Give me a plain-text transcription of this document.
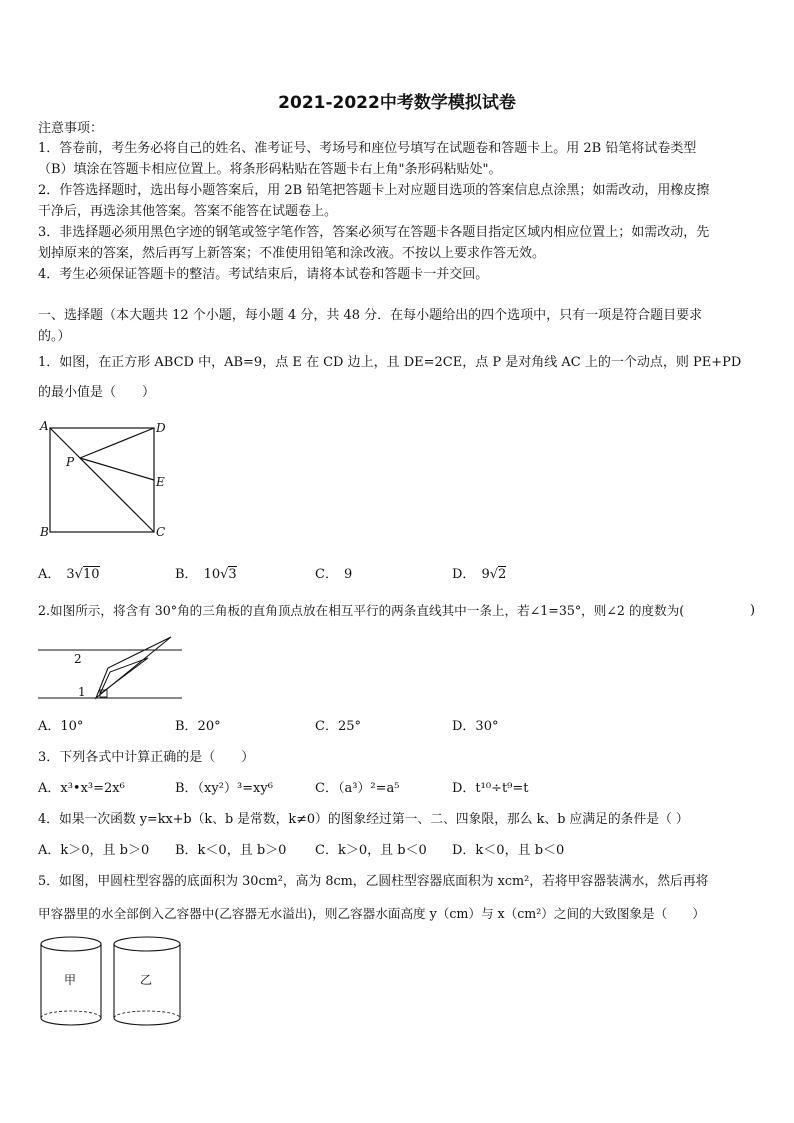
2021-2022中考数学模拟试卷
注意事项：
1．答卷前，考生务必将自己的姓名、准考证号、考场号和座位号填写在试题卷和答题卡上。用 2B 铅笔将试卷类型
（B）填涂在答题卡相应位置上。将条形码粘贴在答题卡右上角"条形码粘贴处"。
2．作答选择题时，选出每小题答案后，用 2B 铅笔把答题卡上对应题目选项的答案信息点涂黑；如需改动，用橡皮擦
干净后，再选涂其他答案。答案不能答在试题卷上。
3．非选择题必须用黑色字迹的钢笔或签字笔作答，答案必须写在答题卡各题目指定区域内相应位置上；如需改动，先
划掉原来的答案，然后再写上新答案；不准使用铅笔和涂改液。不按以上要求作答无效。
4．考生必须保证答题卡的整洁。考试结束后，请将本试卷和答题卡一并交回。
一、选择题（本大题共 12 个小题，每小题 4 分，共 48 分．在每小题给出的四个选项中，只有一项是符合题目要求
的。）
1．如图，在正方形 ABCD 中，AB=9，点 E 在 CD 边上，且 DE=2CE，点 P 是对角线 AC 上的一个动点，则 PE+PD
的最小值是（　　）
A	D
P
E
B	C
A． 3√10	B． 10√3	C． 9	D． 9√2
2.如图所示，将含有 30°角的三角板的直角顶点放在相互平行的两条直线其中一条上，若∠1=35°，则∠2 的度数为(	)
2
1
A．10°	B．20°	C．25°	D．30°
3．下列各式中计算正确的是（　　）
A．x³•x³=2x⁶	B．（xy²）³=xy⁶	C．（a³）²=a⁵	D．t¹⁰÷t⁹=t
4．如果一次函数 y=kx+b（k、b 是常数，k≠0）的图象经过第一、二、四象限，那么 k、b 应满足的条件是（ ）
A．k＞0，且 b＞0 B．k＜0，且 b＞0 C．k＞0，且 b＜0 D．k＜0，且 b＜0
5．如图，甲圆柱型容器的底面积为 30cm²，高为 8cm，乙圆柱型容器底面积为 xcm²，若将甲容器装满水，然后再将
甲容器里的水全部倒入乙容器中(乙容器无水溢出)，则乙容器水面高度 y（cm）与 x（cm²）之间的大致图象是（　　）
甲	乙
